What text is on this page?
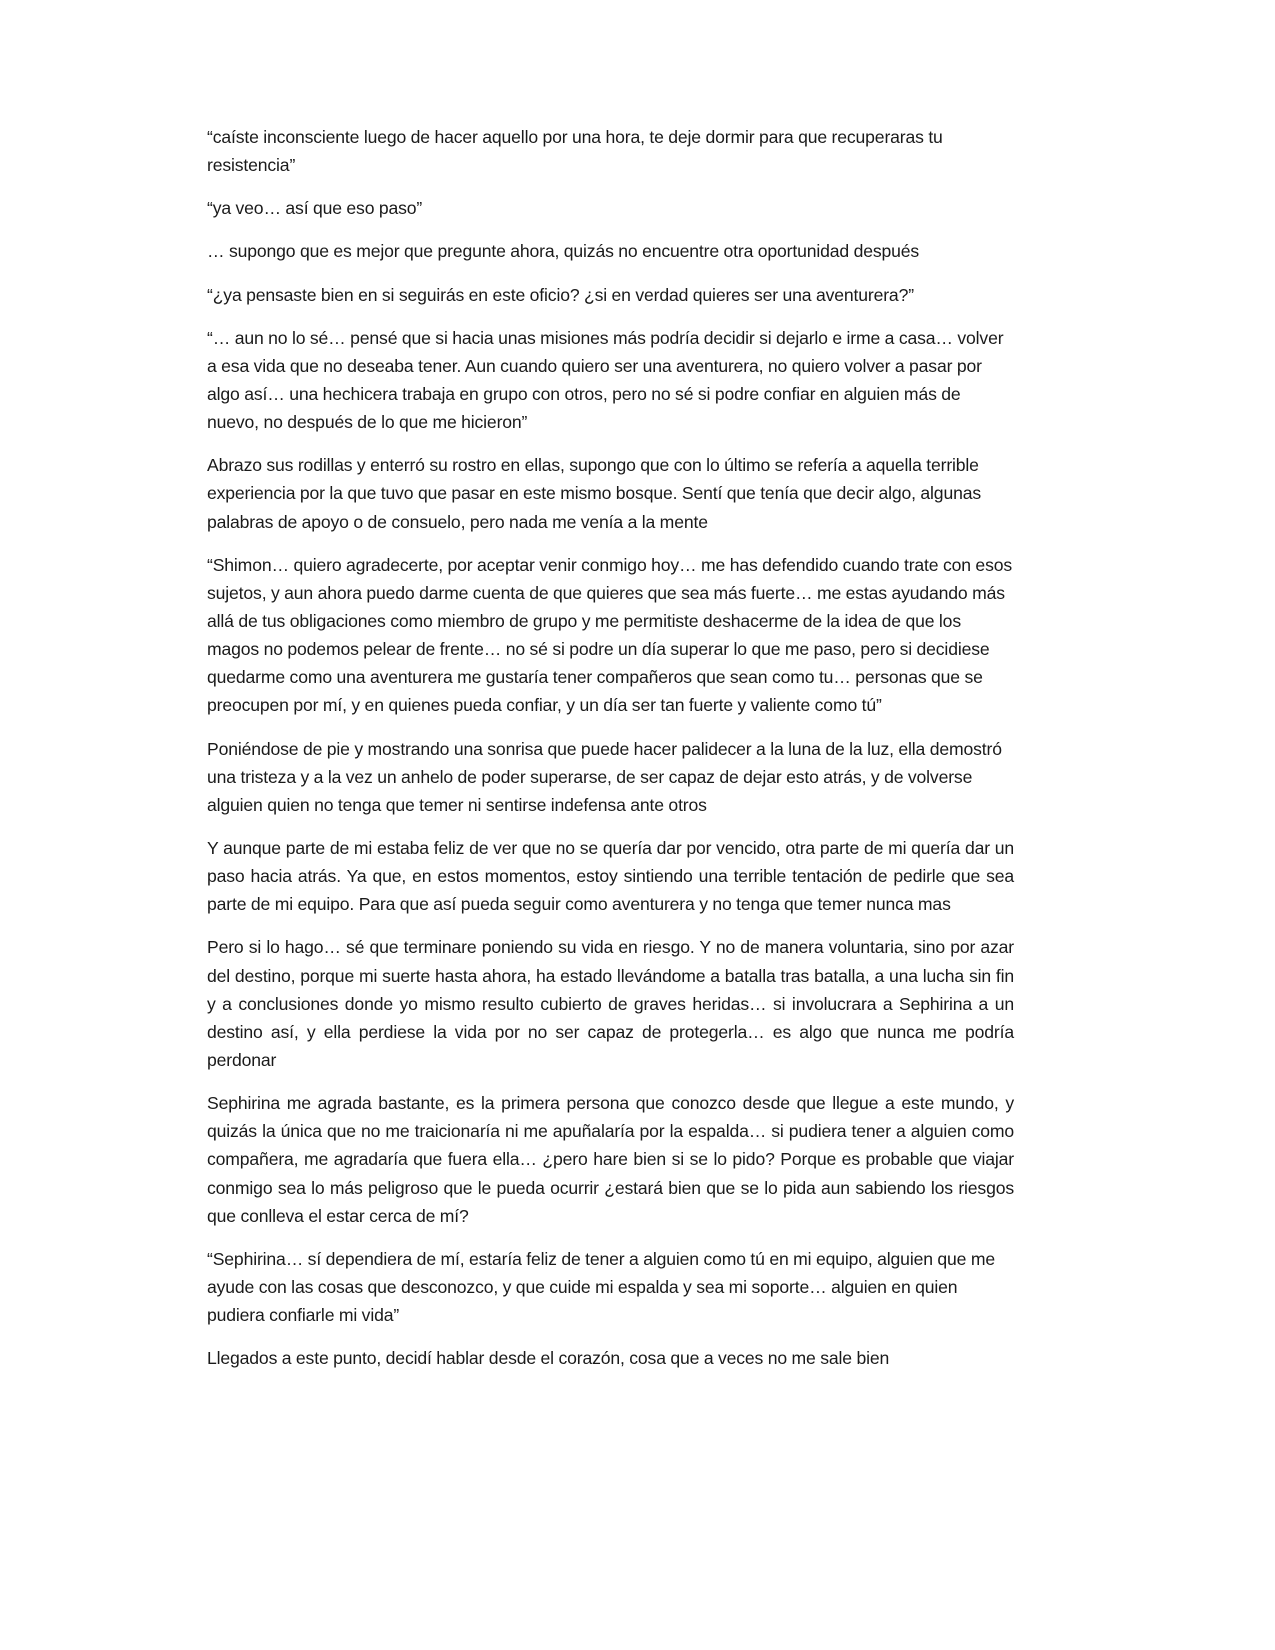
“caíste inconsciente luego de hacer aquello por una hora, te deje dormir para que recuperaras tu resistencia”

“ya veo… así que eso paso”

… supongo que es mejor que pregunte ahora, quizás no encuentre otra oportunidad después

“¿ya pensaste bien en si seguirás en este oficio? ¿si en verdad quieres ser una aventurera?”

“… aun no lo sé… pensé que si hacia unas misiones más podría decidir si dejarlo e irme a casa… volver a esa vida que no deseaba tener. Aun cuando quiero ser una aventurera, no quiero volver a pasar por algo así… una hechicera trabaja en grupo con otros, pero no sé si podre confiar en alguien más de nuevo, no después de lo que me hicieron”

Abrazo sus rodillas y enterró su rostro en ellas, supongo que con lo último se refería a aquella terrible experiencia por la que tuvo que pasar en este mismo bosque. Sentí que tenía que decir algo, algunas palabras de apoyo o de consuelo, pero nada me venía a la mente

“Shimon… quiero agradecerte, por aceptar venir conmigo hoy… me has defendido cuando trate con esos sujetos, y aun ahora puedo darme cuenta de que quieres que sea más fuerte… me estas ayudando más allá de tus obligaciones como miembro de grupo y me permitiste deshacerme de la idea de que los magos no podemos pelear de frente… no sé si podre un día superar lo que me paso, pero si decidiese quedarme como una aventurera me gustaría tener compañeros que sean como tu… personas que se preocupen por mí, y en quienes pueda confiar, y un día ser tan fuerte y valiente como tú”

Poniéndose de pie y mostrando una sonrisa que puede hacer palidecer a la luna de la luz, ella demostró una tristeza y a la vez un anhelo de poder superarse, de ser capaz de dejar esto atrás, y de volverse alguien quien no tenga que temer ni sentirse indefensa ante otros

Y aunque parte de mi estaba feliz de ver que no se quería dar por vencido, otra parte de mi quería dar un paso hacia atrás. Ya que, en estos momentos, estoy sintiendo una terrible tentación de pedirle que sea parte de mi equipo. Para que así pueda seguir como aventurera y no tenga que temer nunca mas

Pero si lo hago… sé que terminare poniendo su vida en riesgo. Y no de manera voluntaria, sino por azar del destino, porque mi suerte hasta ahora, ha estado llevándome a batalla tras batalla, a una lucha sin fin y a conclusiones donde yo mismo resulto cubierto de graves heridas… si involucrara a Sephirina a un destino así, y ella perdiese la vida por no ser capaz de protegerla… es algo que nunca me podría perdonar

Sephirina me agrada bastante, es la primera persona que conozco desde que llegue a este mundo, y quizás la única que no me traicionaría ni me apuñalaría por la espalda… si pudiera tener a alguien como compañera, me agradaría que fuera ella… ¿pero hare bien si se lo pido? Porque es probable que viajar conmigo sea lo más peligroso que le pueda ocurrir ¿estará bien que se lo pida aun sabiendo los riesgos que conlleva el estar cerca de mí?

“Sephirina… sí dependiera de mí, estaría feliz de tener a alguien como tú en mi equipo, alguien que me ayude con las cosas que desconozco, y que cuide mi espalda y sea mi soporte… alguien en quien pudiera confiarle mi vida”

Llegados a este punto, decidí hablar desde el corazón, cosa que a veces no me sale bien
